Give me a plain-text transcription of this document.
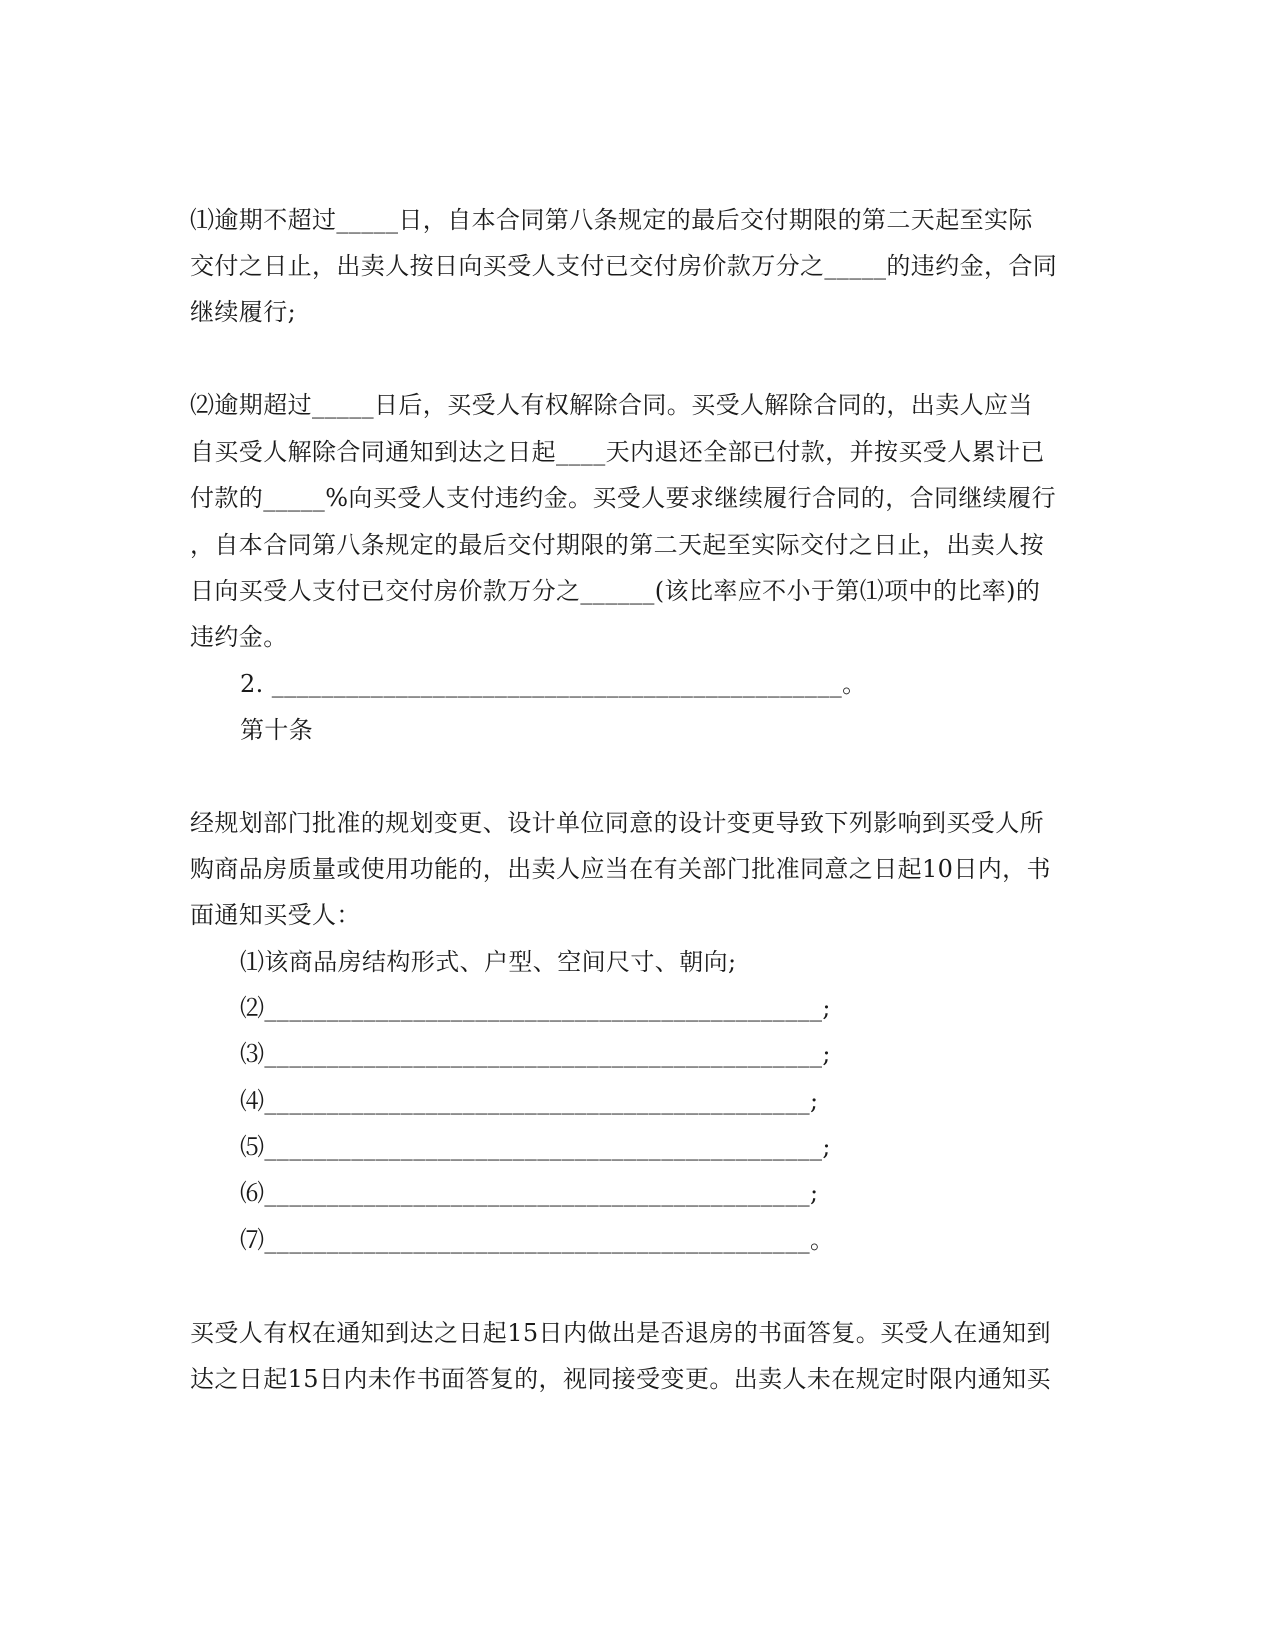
⑴逾期不超过_____日，自本合同第八条规定的最后交付期限的第二天起至实际
交付之日止，出卖人按日向买受人支付已交付房价款万分之_____的违约金，合同
继续履行;
⑵逾期超过_____日后，买受人有权解除合同。买受人解除合同的，出卖人应当
自买受人解除合同通知到达之日起____天内退还全部已付款，并按买受人累计已
付款的_____%向买受人支付违约金。买受人要求继续履行合同的，合同继续履行
，自本合同第八条规定的最后交付期限的第二天起至实际交付之日止，出卖人按
日向买受人支付已交付房价款万分之______(该比率应不小于第⑴项中的比率)的
违约金。
2. ______________________________________________。
第十条
经规划部门批准的规划变更、设计单位同意的设计变更导致下列影响到买受人所
购商品房质量或使用功能的，出卖人应当在有关部门批准同意之日起10日内，书
面通知买受人：
⑴该商品房结构形式、户型、空间尺寸、朝向;
⑵_____________________________________________;
⑶_____________________________________________;
⑷____________________________________________;
⑸_____________________________________________;
⑹____________________________________________;
⑺____________________________________________。
买受人有权在通知到达之日起15日内做出是否退房的书面答复。买受人在通知到
达之日起15日内未作书面答复的，视同接受变更。出卖人未在规定时限内通知买
